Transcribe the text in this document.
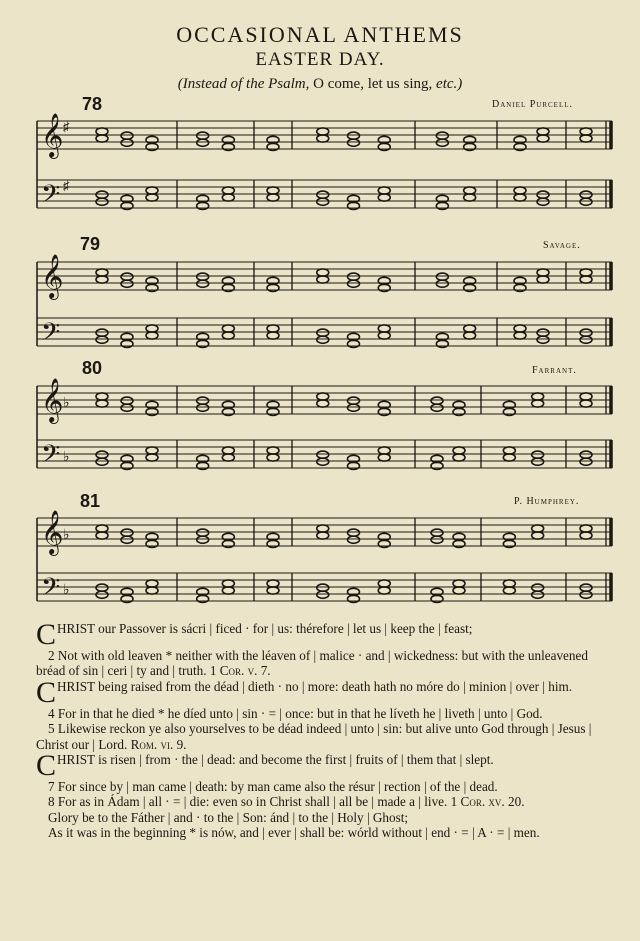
OCCASIONAL ANTHEMS
EASTER DAY.
(Instead of the Psalm, O come, let us sing, etc.)
78	Daniel Purcell.
79	Savage.
80	Farrant.
81	P. Humphrey.
𝄞 ♯
𝄢 ♯
𝄞
𝄢
𝄞 ♭
𝄢 ♭
𝄞 ♭
𝄢 ♭

CHRIST our Passover is sácri | ficed · for | us: thérefore | let us | keep the | feast;

2 Not with old leaven * neither with the léaven of | malice · and | wickedness: but with the unleavened bréad of sin | ceri | ty and | truth. 1 Cor. v. 7.

CHRIST being raised from the déad | dieth · no | more: death hath no móre do | minion | over | him.

4 For in that he died * he díed unto | sin · = | once: but in that he líveth he | liveth | unto | God.

5 Likewise reckon ye also yourselves to be déad indeed | unto | sin: but alive unto God through | Jesus | Christ our | Lord. Rom. vi. 9.

CHRIST is risen | from · the | dead: and become the first | fruits of | them that | slept.

7 For since by | man came | death: by man came also the résur | rection | of the | dead.

8 For as in Ádam | all · = | die: even so in Christ shall | all be | made a | live. 1 Cor. xv. 20.

Glory be to the Fáther | and · to the | Son: ánd | to the | Holy | Ghost;

As it was in the beginning * is nów, and | ever | shall be: wórld without | end · = | A · = | men.
